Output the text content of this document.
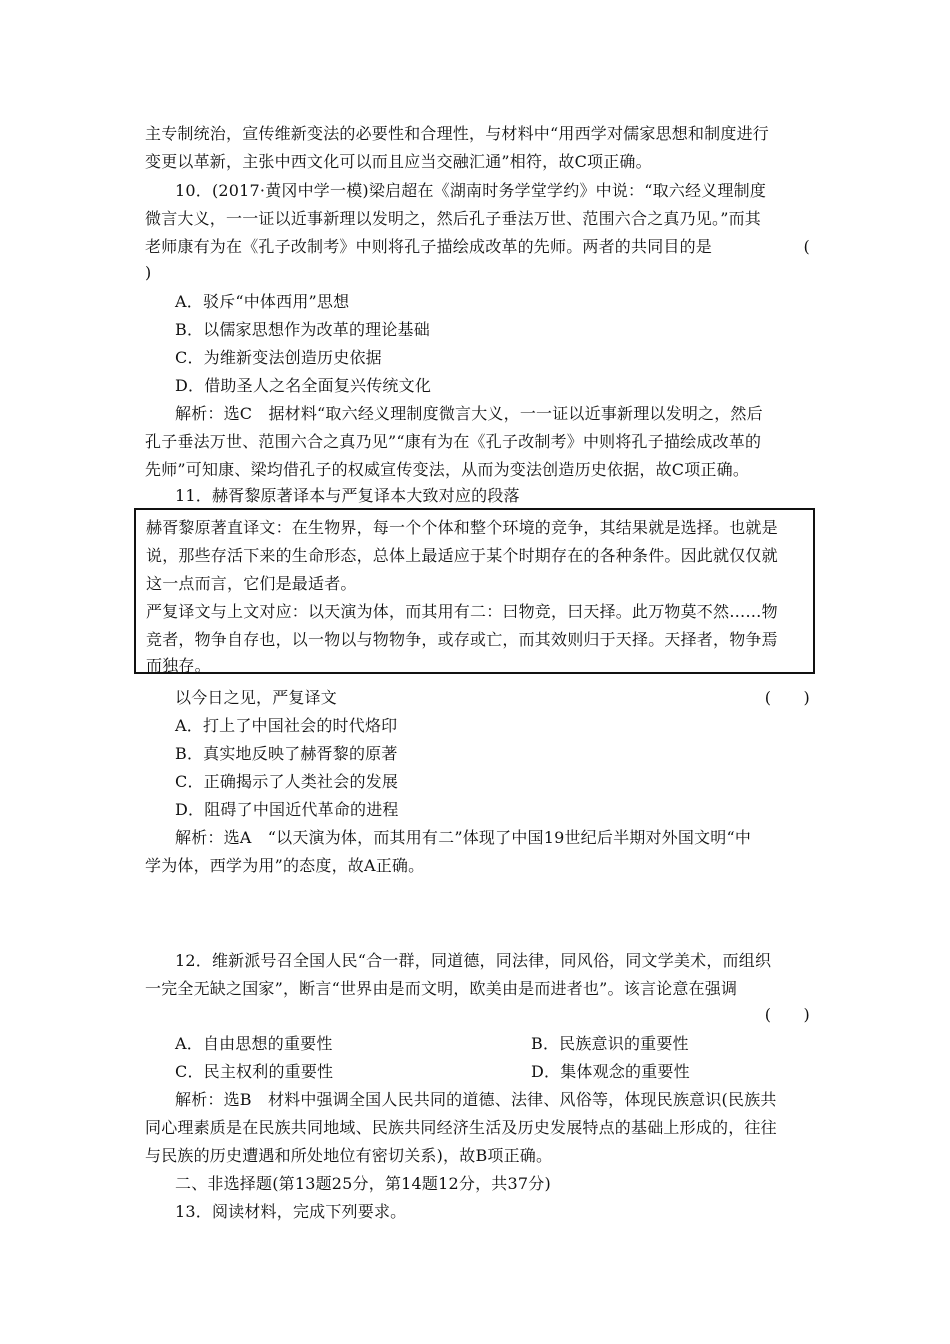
主专制统治，宣传维新变法的必要性和合理性，与材料中“用西学对儒家思想和制度进行
变更以革新，主张中西文化可以而且应当交融汇通”相符，故C项正确。
10．(2017·黄冈中学一模)梁启超在《湖南时务学堂学约》中说：“取六经义理制度
微言大义，一一证以近事新理以发明之，然后孔子垂法万世、范围六合之真乃见。”而其
老师康有为在《孔子改制考》中则将孔子描绘成改革的先师。两者的共同目的是	(
)
A．驳斥“中体西用”思想
B．以儒家思想作为改革的理论基础
C．为维新变法创造历史依据
D．借助圣人之名全面复兴传统文化
解析：选C　据材料“取六经义理制度微言大义，一一证以近事新理以发明之，然后
孔子垂法万世、范围六合之真乃见”“康有为在《孔子改制考》中则将孔子描绘成改革的
先师”可知康、梁均借孔子的权威宣传变法，从而为变法创造历史依据，故C项正确。
11．赫胥黎原著译本与严复译本大致对应的段落
赫胥黎原著直译文：在生物界，每一个个体和整个环境的竞争，其结果就是选择。也就是
说，那些存活下来的生命形态，总体上最适应于某个时期存在的各种条件。因此就仅仅就
这一点而言，它们是最适者。
严复译文与上文对应：以天演为体，而其用有二：曰物竞，曰天择。此万物莫不然……物
竞者，物争自存也，以一物以与物物争，或存或亡，而其效则归于天择。天择者，物争焉
而独存。
以今日之见，严复译文	(　　)
A．打上了中国社会的时代烙印
B．真实地反映了赫胥黎的原著
C．正确揭示了人类社会的发展
D．阻碍了中国近代革命的进程
解析：选A　“以天演为体，而其用有二”体现了中国19世纪后半期对外国文明“中
学为体，西学为用”的态度，故A正确。
12．维新派号召全国人民“合一群，同道德，同法律，同风俗，同文学美术，而组织
一完全无缺之国家”，断言“世界由是而文明，欧美由是而进者也”。该言论意在强调
(　　)
A．自由思想的重要性	B．民族意识的重要性
C．民主权利的重要性	D．集体观念的重要性
解析：选B　材料中强调全国人民共同的道德、法律、风俗等，体现民族意识(民族共
同心理素质是在民族共同地域、民族共同经济生活及历史发展特点的基础上形成的，往往
与民族的历史遭遇和所处地位有密切关系)，故B项正确。
二、非选择题(第13题25分，第14题12分，共37分)
13．阅读材料，完成下列要求。
